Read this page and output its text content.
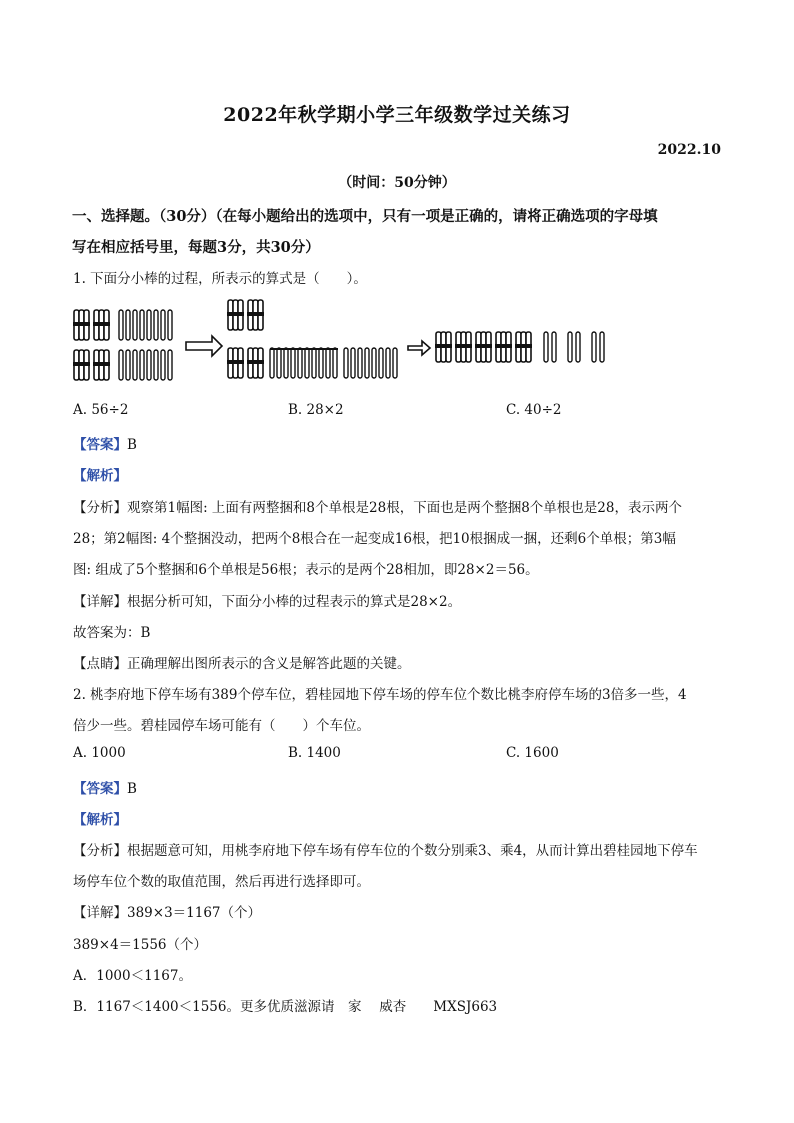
2022年秋学期小学三年级数学过关练习
2022.10
（时间：50分钟）
一、选择题。（30分）（在每小题给出的选项中，只有一项是正确的，请将正确选项的字母填
写在相应括号里，每题3分，共30分）
1. 下面分小棒的过程，所表示的算式是（　　）。
A. 56÷2	B. 28×2	C. 40÷2
【答案】B
【解析】
【分析】观察第1幅图: 上面有两整捆和8个单根是28根，下面也是两个整捆8个单根也是28，表示两个
28；第2幅图: 4个整捆没动，把两个8根合在一起变成16根，把10根捆成一捆，还剩6个单根；第3幅
图: 组成了5个整捆和6个单根是56根；表示的是两个28相加，即28×2＝56。
【详解】根据分析可知，下面分小棒的过程表示的算式是28×2。
故答案为：B
【点睛】正确理解出图所表示的含义是解答此题的关键。
2. 桃李府地下停车场有389个停车位，碧桂园地下停车场的停车位个数比桃李府停车场的3倍多一些，4
倍少一些。碧桂园停车场可能有（　　）个车位。
A. 1000	B. 1400	C. 1600
【答案】B
【解析】
【分析】根据题意可知，用桃李府地下停车场有停车位的个数分别乘3、乘4，从而计算出碧桂园地下停车
场停车位个数的取值范围，然后再进行选择即可。
【详解】389×3＝1167（个）
389×4＝1556（个）
A．1000＜1167。
B．1167＜1400＜1556。更多优质滋源请　家　 威杏　　MXSJ663
